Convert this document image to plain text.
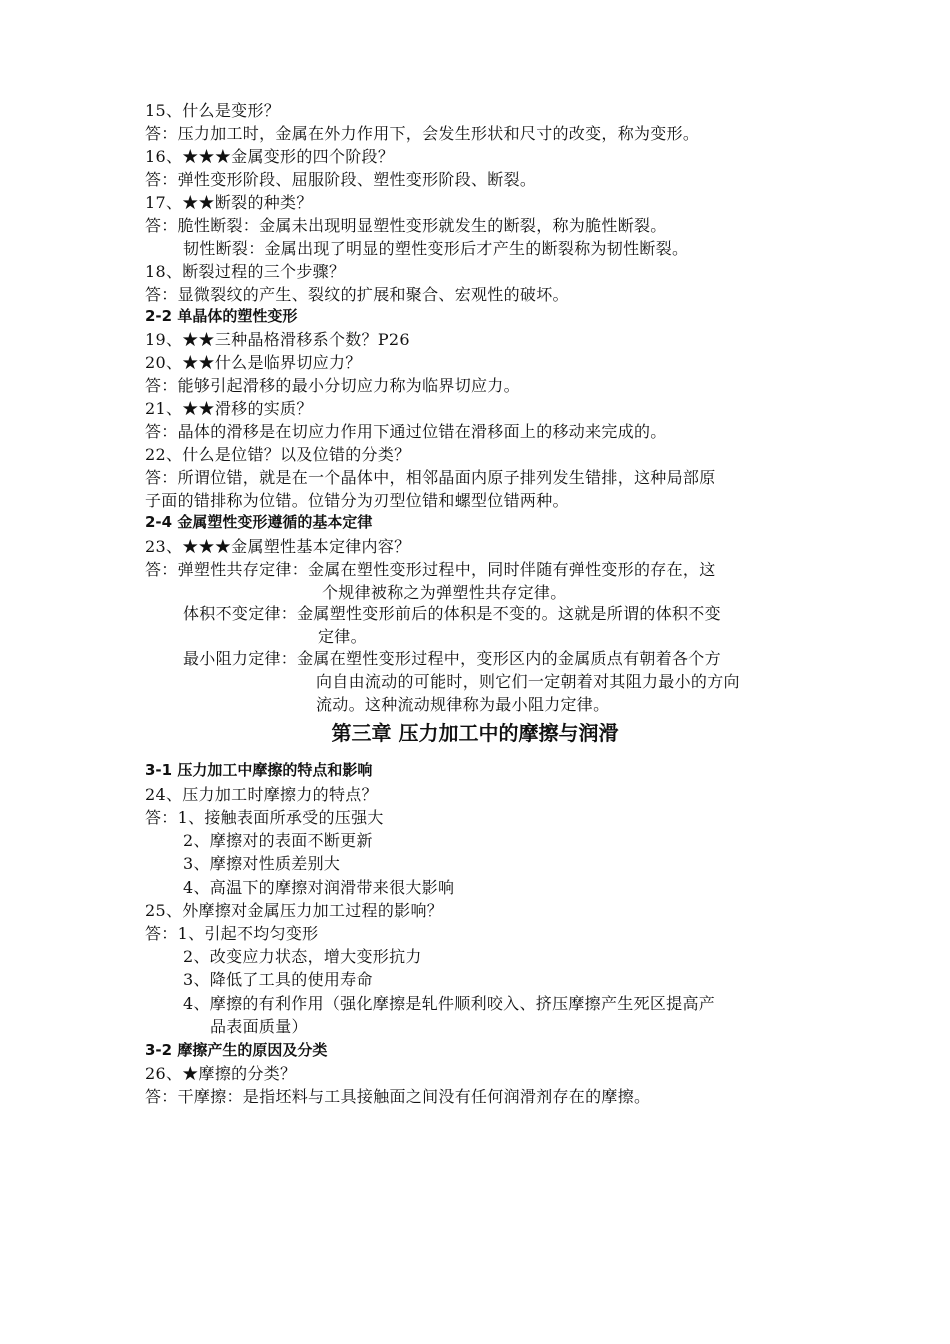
15、什么是变形？
答：压力加工时，金属在外力作用下，会发生形状和尺寸的改变，称为变形。
16、★★★金属变形的四个阶段？
答：弹性变形阶段、屈服阶段、塑性变形阶段、断裂。
17、★★断裂的种类？
答：脆性断裂：金属未出现明显塑性变形就发生的断裂，称为脆性断裂。
韧性断裂：金属出现了明显的塑性变形后才产生的断裂称为韧性断裂。
18、断裂过程的三个步骤？
答：显微裂纹的产生、裂纹的扩展和聚合、宏观性的破坏。
2-2 单晶体的塑性变形
19、★★三种晶格滑移系个数？P26
20、★★什么是临界切应力？
答：能够引起滑移的最小分切应力称为临界切应力。
21、★★滑移的实质？
答：晶体的滑移是在切应力作用下通过位错在滑移面上的移动来完成的。
22、什么是位错？以及位错的分类？
答：所谓位错，就是在一个晶体中，相邻晶面内原子排列发生错排，这种局部原
子面的错排称为位错。位错分为刃型位错和螺型位错两种。
2-4 金属塑性变形遵循的基本定律
23、★★★金属塑性基本定律内容？
答：弹塑性共存定律：金属在塑性变形过程中，同时伴随有弹性变形的存在，这
个规律被称之为弹塑性共存定律。
体积不变定律：金属塑性变形前后的体积是不变的。这就是所谓的体积不变
定律。
最小阻力定律：金属在塑性变形过程中，变形区内的金属质点有朝着各个方
向自由流动的可能时，则它们一定朝着对其阻力最小的方向
流动。这种流动规律称为最小阻力定律。
第三章 压力加工中的摩擦与润滑
3-1 压力加工中摩擦的特点和影响
24、压力加工时摩擦力的特点？
答：1、接触表面所承受的压强大
2、摩擦对的表面不断更新
3、摩擦对性质差别大
4、高温下的摩擦对润滑带来很大影响
25、外摩擦对金属压力加工过程的影响？
答：1、引起不均匀变形
2、改变应力状态，增大变形抗力
3、降低了工具的使用寿命
4、摩擦的有利作用（强化摩擦是轧件顺利咬入、挤压摩擦产生死区提高产
品表面质量）
3-2 摩擦产生的原因及分类
26、★摩擦的分类？
答：干摩擦：是指坯料与工具接触面之间没有任何润滑剂存在的摩擦。
